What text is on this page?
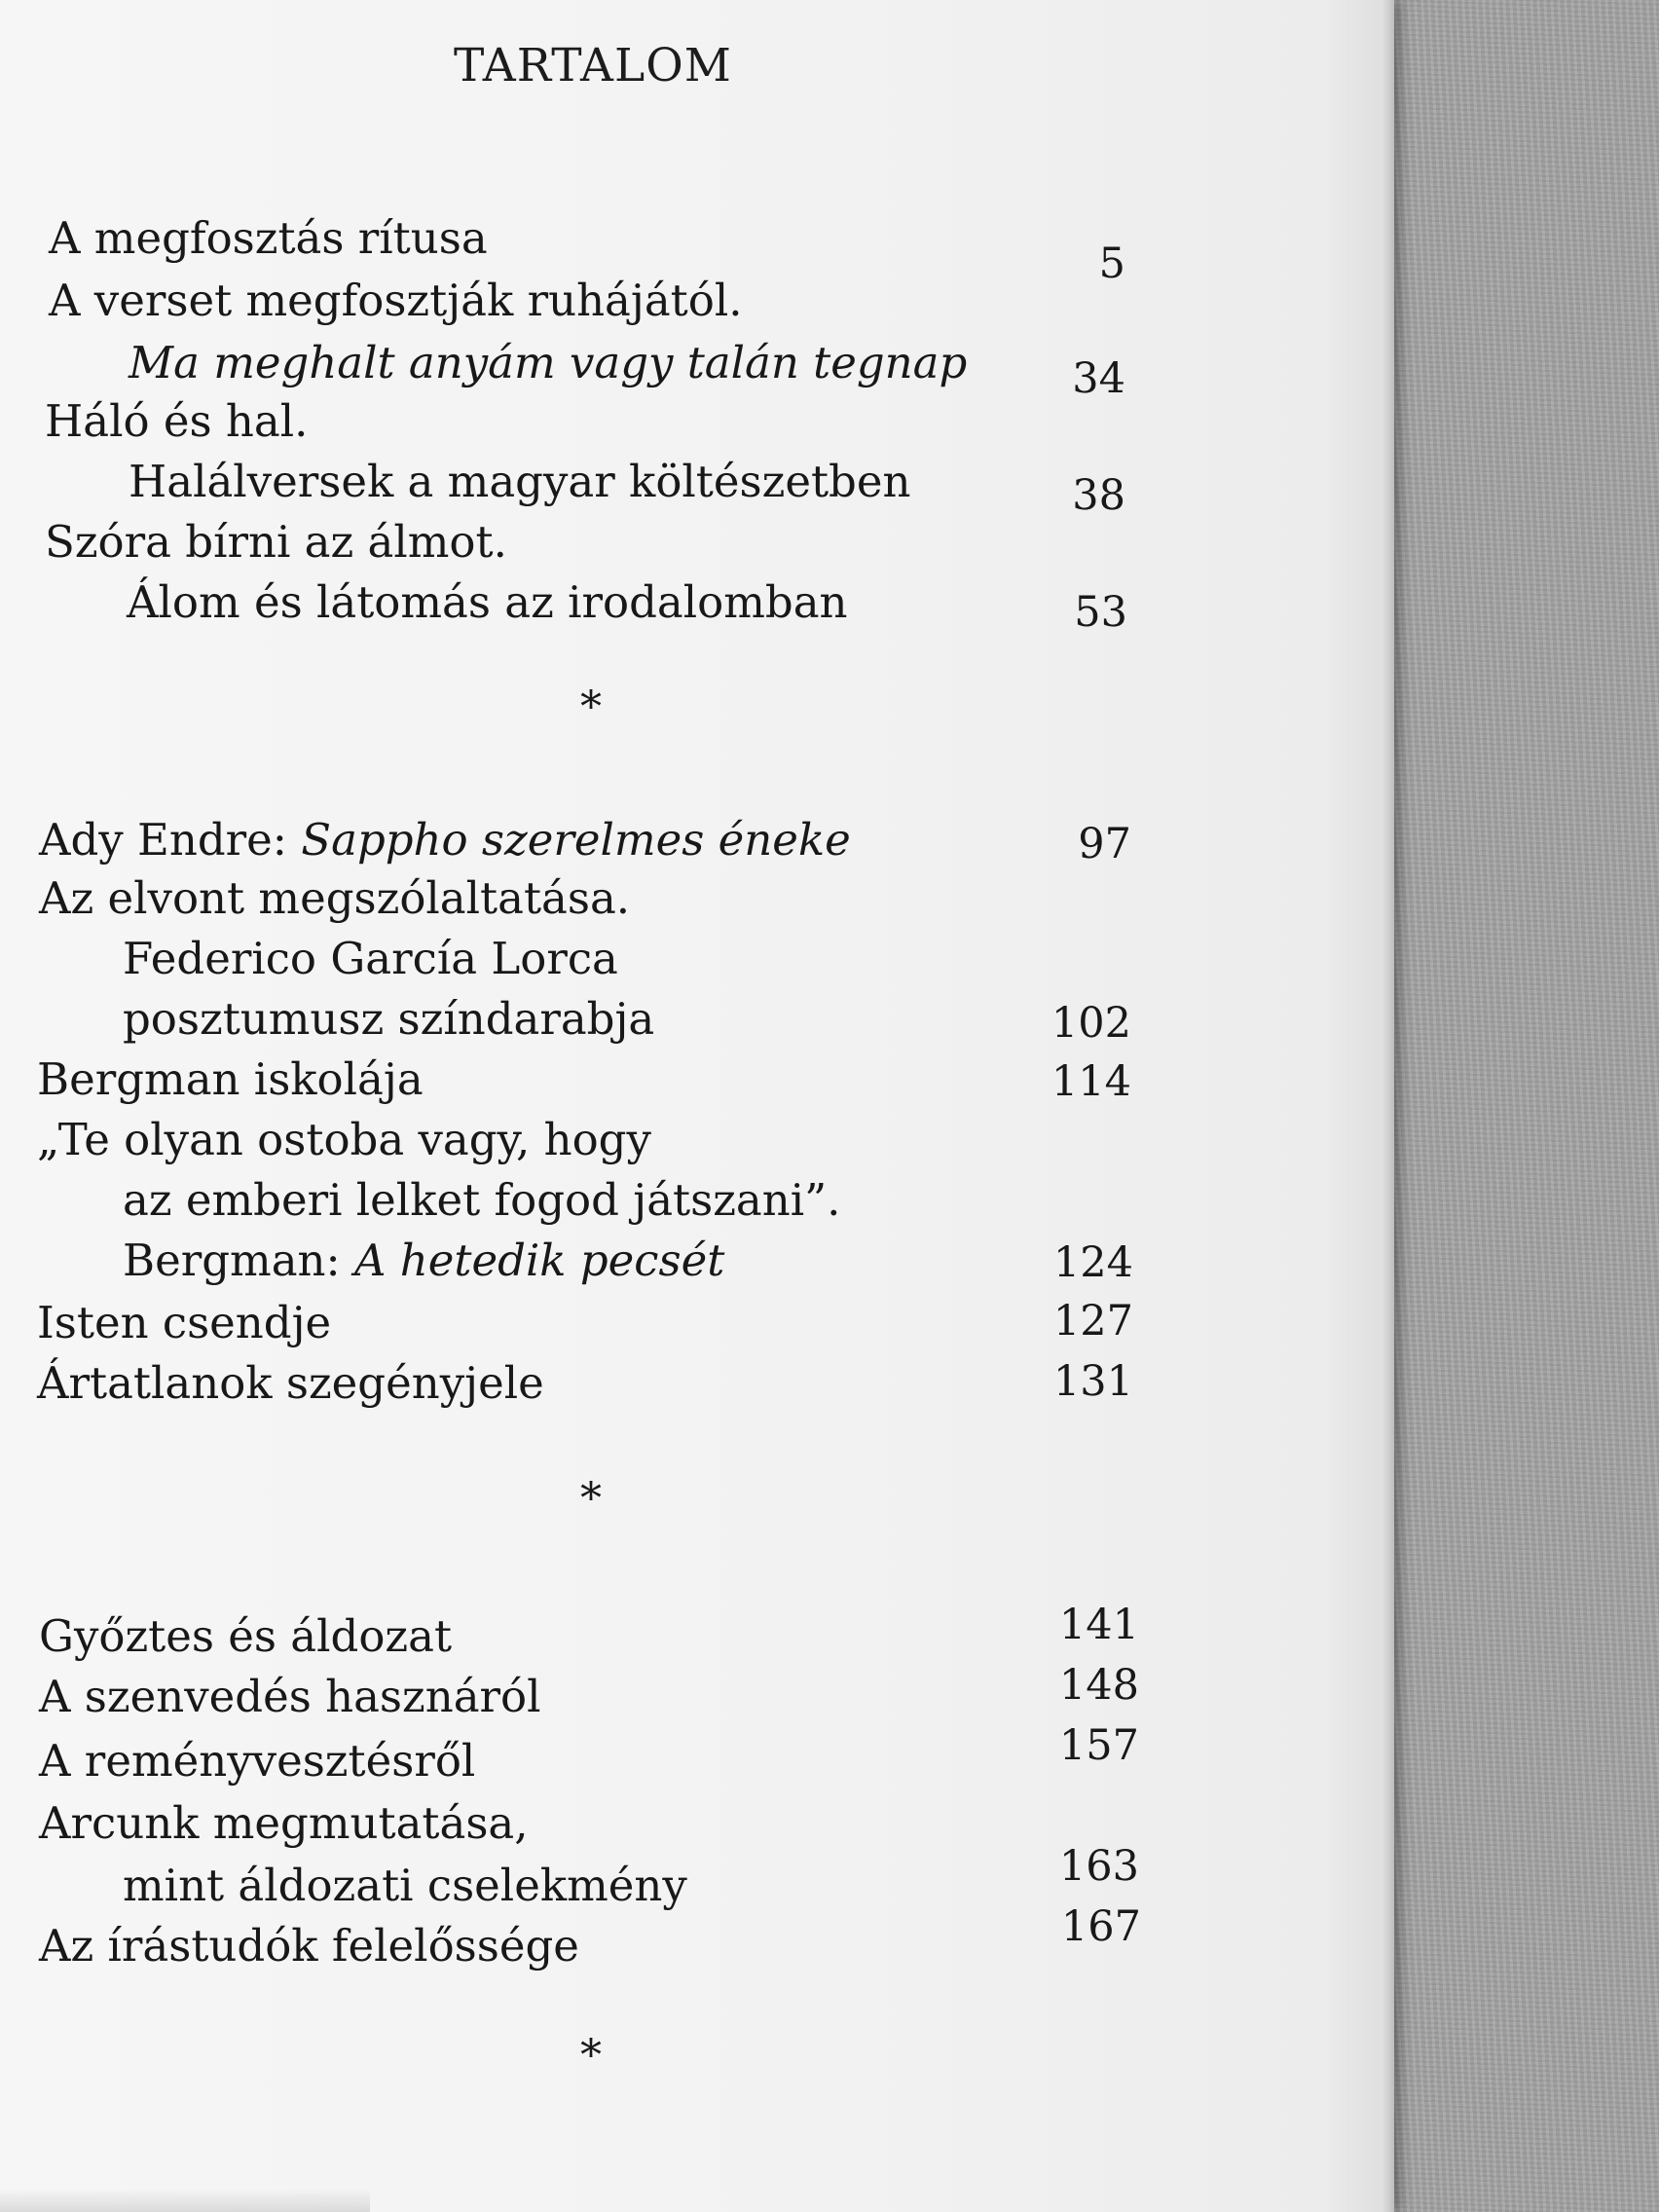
TARTALOM

A megfosztás rítusa

A verset megfosztják ruhájától.

Ma meghalt anyám vagy talán tegnap

Háló és hal.

Halálversek a magyar költészetben

Szóra bírni az álmot.

Álom és látomás az irodalomban

5

34

38

53

*

Ady Endre: Sappho szerelmes éneke

Az elvont megszólaltatása.

Federico García Lorca

posztumusz színdarabja

Bergman iskolája

„Te olyan ostoba vagy, hogy

az emberi lelket fogod játszani”.

Bergman: A hetedik pecsét

Isten csendje

Ártatlanok szegényjele

97

102

114

124

127

131

*

Győztes és áldozat

A szenvedés hasznáról

A reményvesztésről

Arcunk megmutatása,

mint áldozati cselekmény

Az írástudók felelőssége

141

148

157

163

167

*
